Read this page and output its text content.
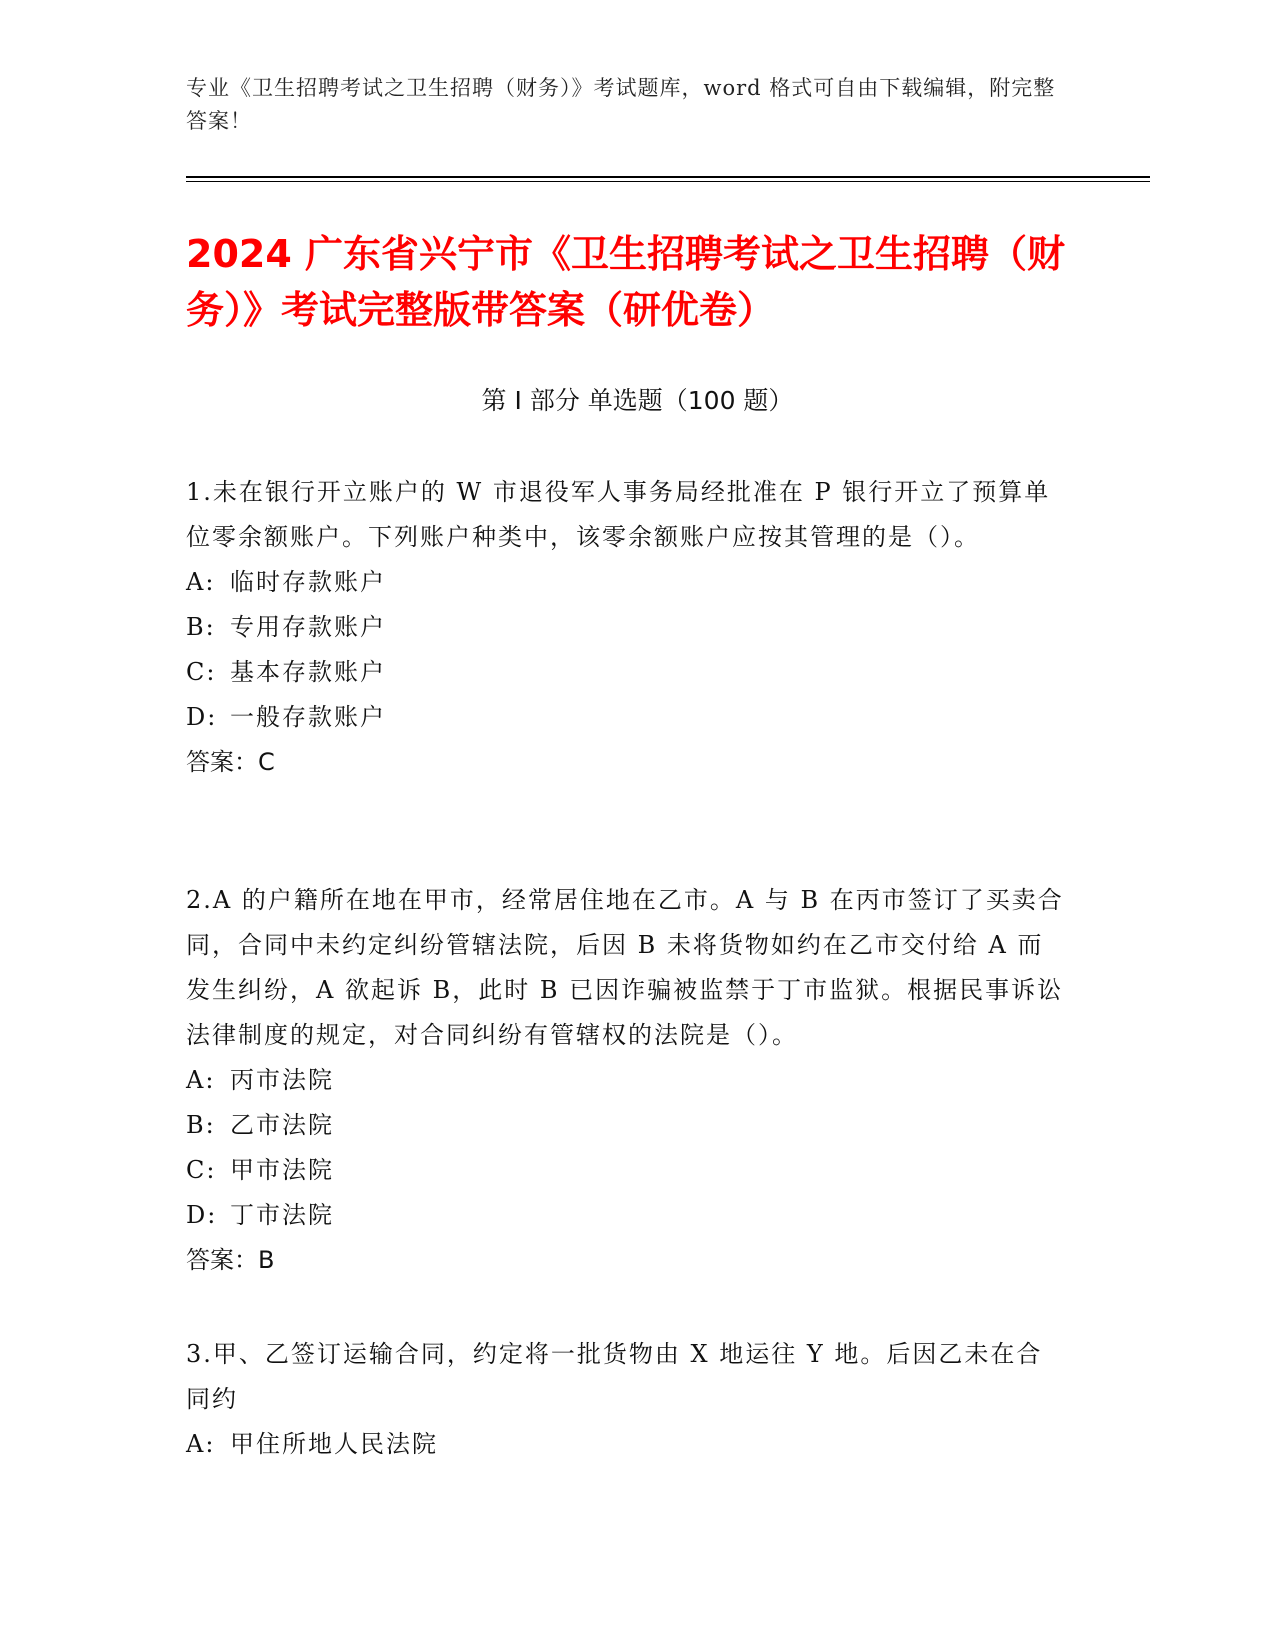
专业《卫生招聘考试之卫生招聘（财务）》考试题库，word 格式可自由下载编辑，附完整答案！
2024 广东省兴宁市《卫生招聘考试之卫生招聘（财务）》考试完整版带答案（研优卷）
第 I 部分 单选题（100 题）

1.未在银行开立账户的 W 市退役军人事务局经批准在 P 银行开立了预算单位零余额账户。下列账户种类中，该零余额账户应按其管理的是（）。

A: 临时存款账户

B: 专用存款账户

C: 基本存款账户

D: 一般存款账户

答案：C

2.A 的户籍所在地在甲市，经常居住地在乙市。A 与 B 在丙市签订了买卖合同，合同中未约定纠纷管辖法院，后因 B 未将货物如约在乙市交付给 A 而发生纠纷，A 欲起诉 B，此时 B 已因诈骗被监禁于丁市监狱。根据民事诉讼法律制度的规定，对合同纠纷有管辖权的法院是（）。

A: 丙市法院

B: 乙市法院

C: 甲市法院

D: 丁市法院

答案：B

3.甲、乙签订运输合同，约定将一批货物由 X 地运往 Y 地。后因乙未在合同约

A: 甲住所地人民法院
